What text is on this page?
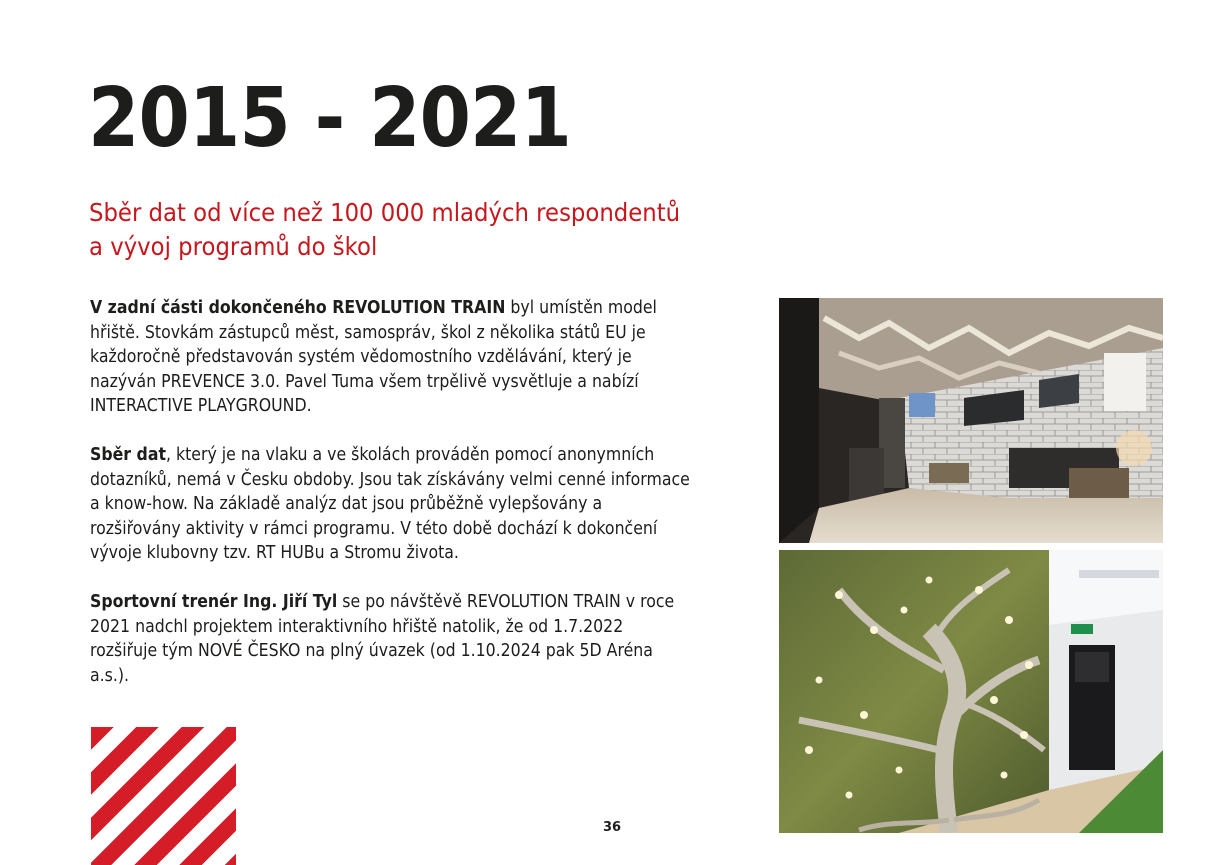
2015 - 2021
Sběr dat od více než 100 000 mladých respondentů
a vývoj programů do škol

V zadní části dokončeného REVOLUTION TRAIN byl umístěn model hřiště. Stovkám zástupců měst, samospráv, škol z několika států EU je každoročně představován systém vědomostního vzdělávání, který je nazýván PREVENCE 3.0. Pavel Tuma všem trpělivě vysvětluje a nabízí INTERACTIVE PLAYGROUND.

Sběr dat, který je na vlaku a ve školách prováděn pomocí anonymních dotazníků, nemá v Česku obdoby. Jsou tak získávány velmi cenné informace a know-how. Na základě analýz dat jsou průběžně vylepšovány a rozšiřovány aktivity v rámci programu. V této době dochází k dokončení vývoje klubovny tzv. RT HUBu a Stromu života.

Sportovní trenér Ing. Jiří Tyl se po návštěvě REVOLUTION TRAIN v roce 2021 nadchl projektem interaktivního hřiště natolik, že od 1.7.2022 rozšiřuje tým NOVÉ ČESKO na plný úvazek (od 1.10.2024 pak 5D Aréna a.s.).

36
